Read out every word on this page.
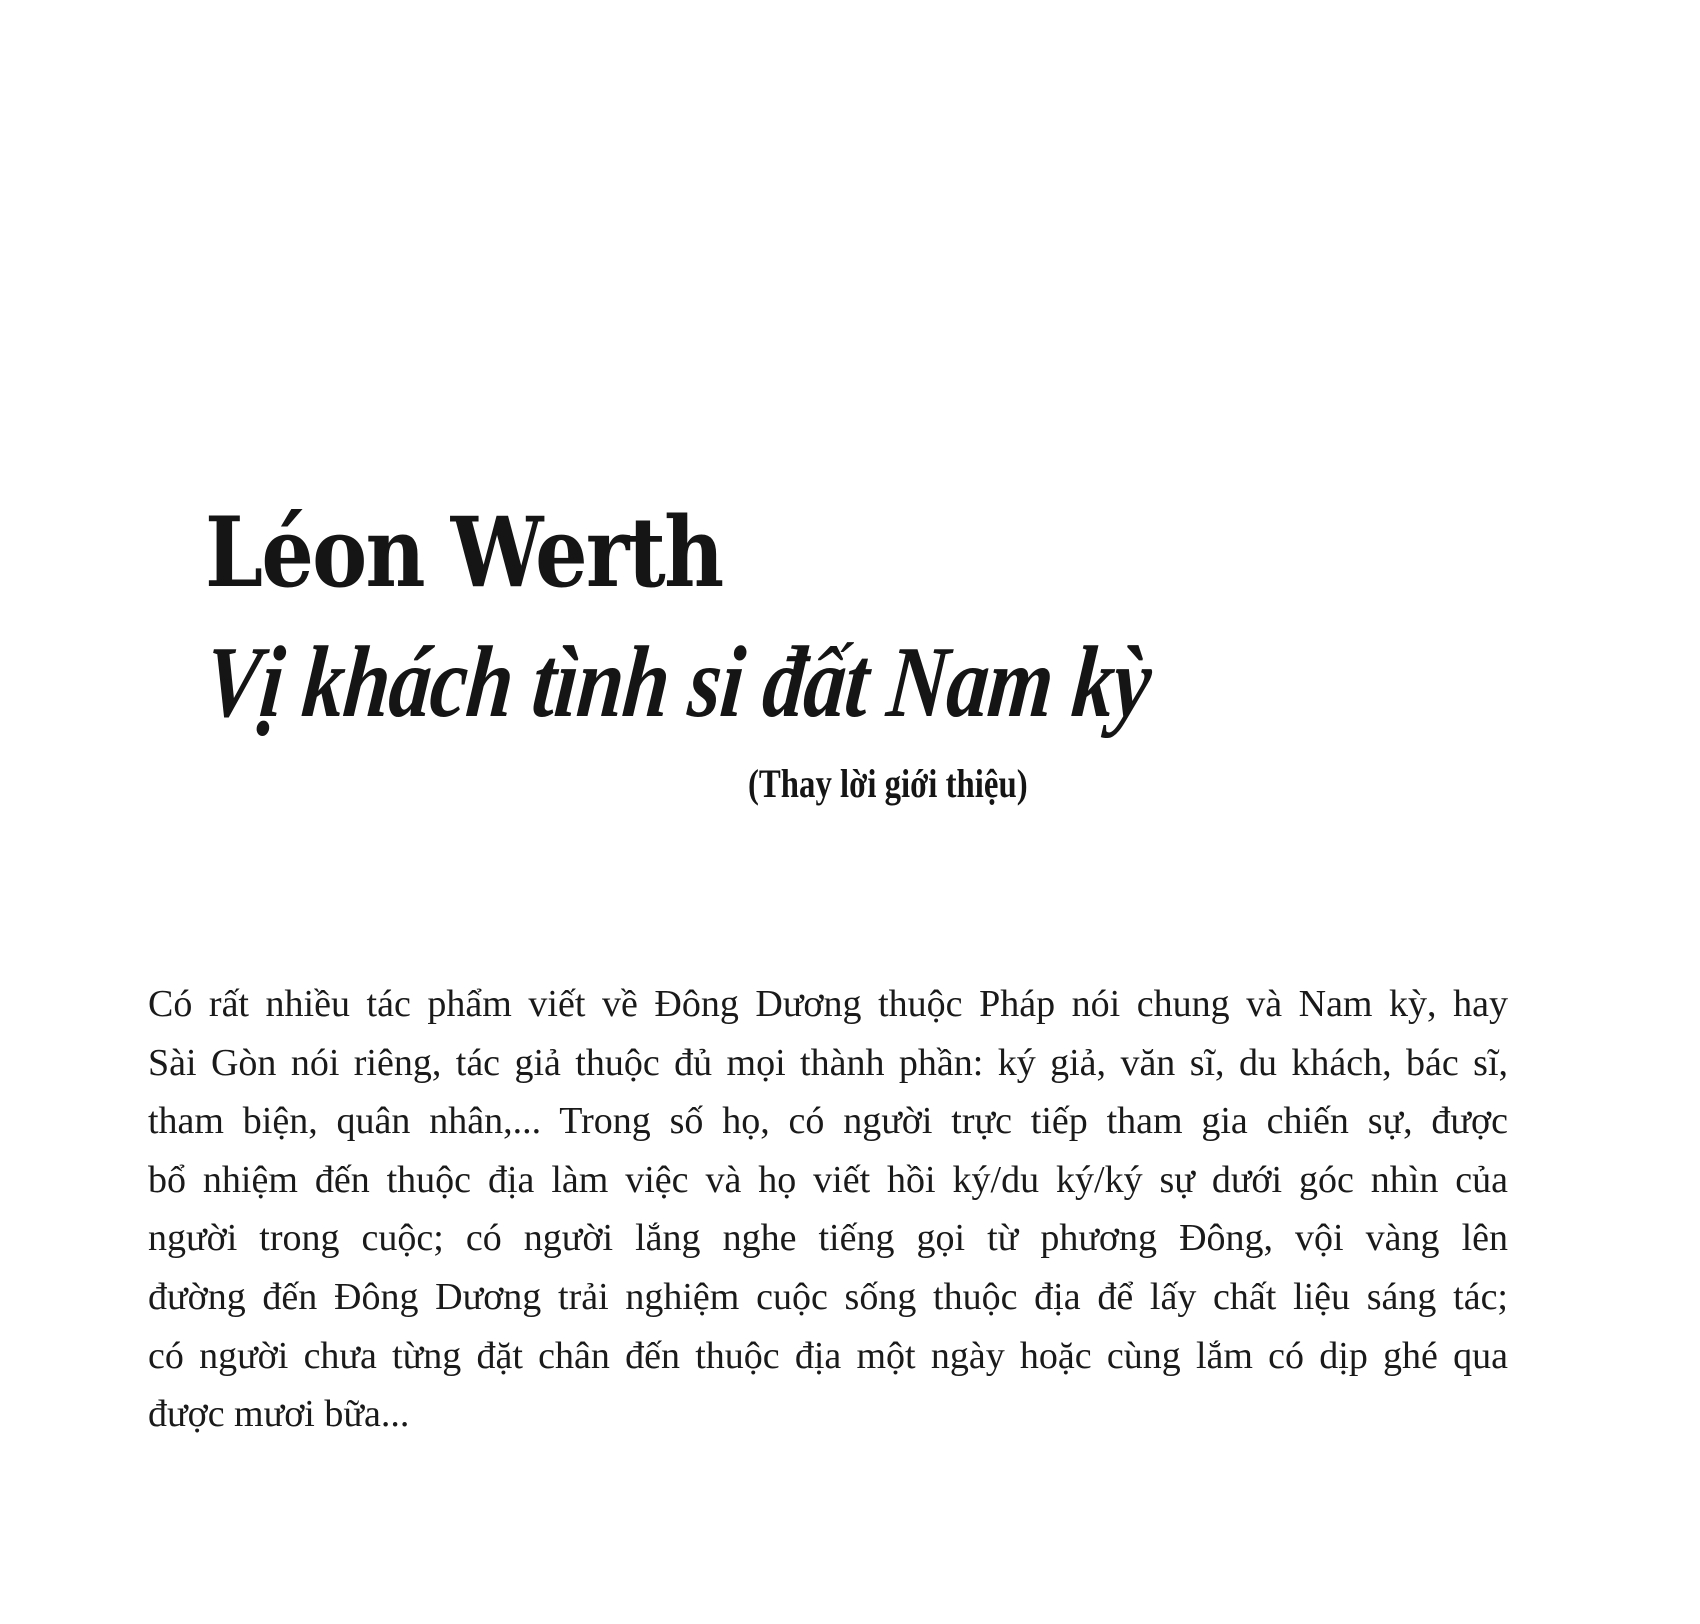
Léon Werth
Vị khách tình si đất Nam kỳ
(Thay lời giới thiệu)

Có rất nhiều tác phẩm viết về Đông Dương thuộc Pháp nói chung và Nam kỳ, hay
Sài Gòn nói riêng, tác giả thuộc đủ mọi thành phần: ký giả, văn sĩ, du khách, bác sĩ,
tham biện, quân nhân,... Trong số họ, có người trực tiếp tham gia chiến sự, được
bổ nhiệm đến thuộc địa làm việc và họ viết hồi ký/du ký/ký sự dưới góc nhìn của
người trong cuộc; có người lắng nghe tiếng gọi từ phương Đông, vội vàng lên
đường đến Đông Dương trải nghiệm cuộc sống thuộc địa để lấy chất liệu sáng tác;
có người chưa từng đặt chân đến thuộc địa một ngày hoặc cùng lắm có dịp ghé qua
được mươi bữa...
